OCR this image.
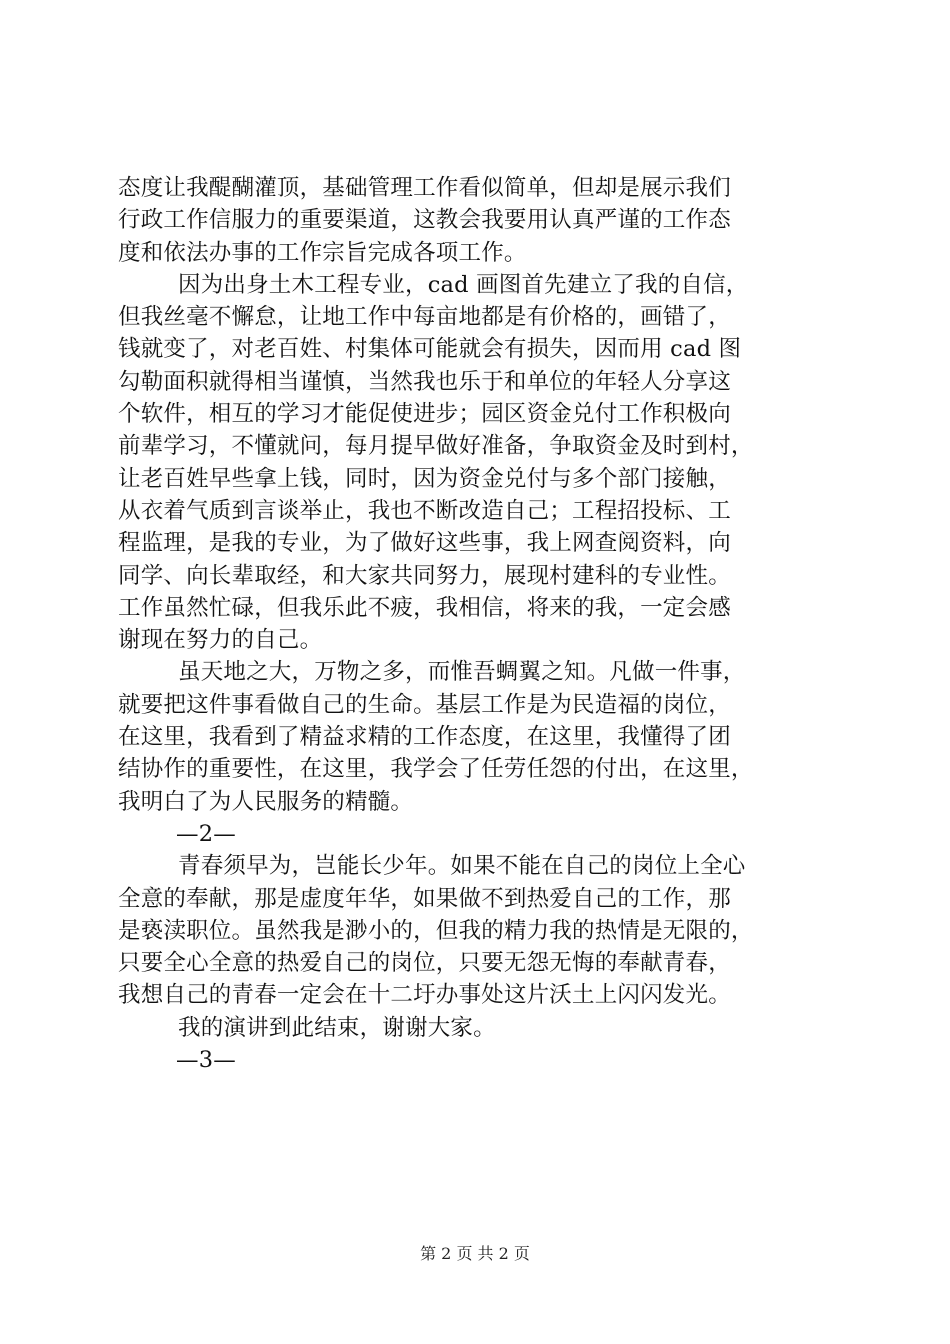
态度让我醍醐灌顶，基础管理工作看似简单，但却是展示我们
行政工作信服力的重要渠道，这教会我要用认真严谨的工作态
度和依法办事的工作宗旨完成各项工作。
因为出身土木工程专业，cad 画图首先建立了我的自信，
但我丝毫不懈怠，让地工作中每亩地都是有价格的，画错了，
钱就变了，对老百姓、村集体可能就会有损失，因而用 cad 图
勾勒面积就得相当谨慎，当然我也乐于和单位的年轻人分享这
个软件，相互的学习才能促使进步；园区资金兑付工作积极向
前辈学习，不懂就问，每月提早做好准备，争取资金及时到村，
让老百姓早些拿上钱，同时，因为资金兑付与多个部门接触，
从衣着气质到言谈举止，我也不断改造自己；工程招投标、工
程监理，是我的专业，为了做好这些事，我上网查阅资料，向
同学、向长辈取经，和大家共同努力，展现村建科的专业性。
工作虽然忙碌，但我乐此不疲，我相信，将来的我，一定会感
谢现在努力的自己。
虽天地之大，万物之多，而惟吾蜩翼之知。凡做一件事，
就要把这件事看做自己的生命。基层工作是为民造福的岗位，
在这里，我看到了精益求精的工作态度，在这里，我懂得了团
结协作的重要性，在这里，我学会了任劳任怨的付出，在这里，
我明白了为人民服务的精髓。
—2—
青春须早为，岂能长少年。如果不能在自己的岗位上全心
全意的奉献，那是虚度年华，如果做不到热爱自己的工作，那
是亵渎职位。虽然我是渺小的，但我的精力我的热情是无限的，
只要全心全意的热爱自己的岗位，只要无怨无悔的奉献青春，
我想自己的青春一定会在十二圩办事处这片沃土上闪闪发光。
我的演讲到此结束，谢谢大家。
—3—
第 2 页 共 2 页
